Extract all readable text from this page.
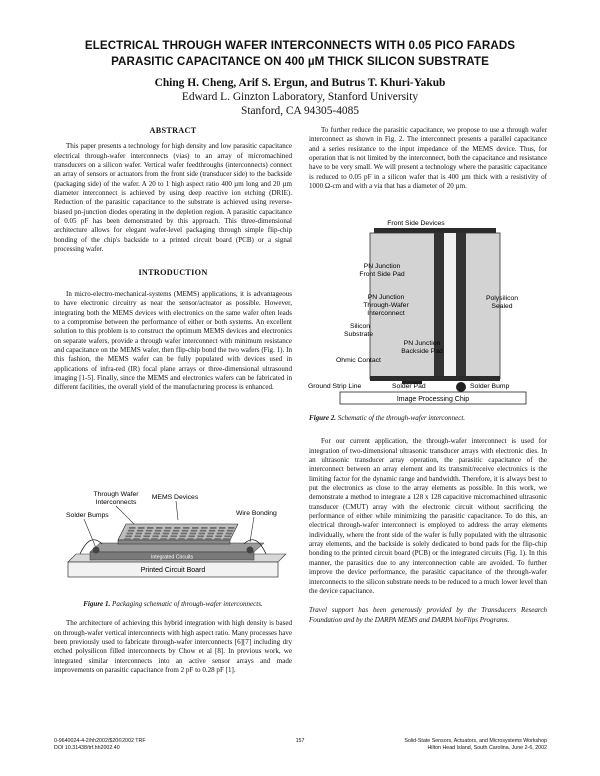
ELECTRICAL THROUGH WAFER INTERCONNECTS WITH 0.05 PICO FARADS
PARASITIC CAPACITANCE ON 400 µM THICK SILICON SUBSTRATE
Ching H. Cheng, Arif S. Ergun, and Butrus T. Khuri-Yakub
Edward L. Ginzton Laboratory, Stanford University
Stanford, CA 94305-4085
ABSTRACT

This paper presents a technology for high density and low parasitic capacitance electrical through-wafer interconnects (vias) to an array of micromachined transducers on a silicon wafer. Vertical wafer feedthroughs (interconnects) connect an array of sensors or actuators from the front side (transducer side) to the backside (packaging side) of the wafer. A 20 to 1 high aspect ratio 400 µm long and 20 µm diameter interconnect is achieved by using deep reactive ion etching (DRIE). Reduction of the parasitic capacitance to the substrate is achieved using reverse-biased pn-junction diodes operating in the depletion region. A parasitic capacitance of 0.05 pF has been demonstrated by this approach. This three-dimensional architecture allows for elegant wafer-level packaging through simple flip-chip bonding of the chip's backside to a printed circuit board (PCB) or a signal processing wafer.

INTRODUCTION

In micro-electro-mechanical-systems (MEMS) applications, it is advantageous to have electronic circuitry as near the sensor/actuator as possible. However, integrating both the MEMS devices with electronics on the same wafer often leads to a compromise between the performance of either or both systems. An excellent solution to this problem is to construct the optimum MEMS devices and electronics on separate wafers, provide a through wafer interconnect with minimum resistance and capacitance on the MEMS wafer, then flip-chip bond the two wafers (Fig. 1). In this fashion, the MEMS wafer can be fully populated with devices used in applications of infra-red (IR) focal plane arrays or three-dimensional ultrasound imaging [1-5]. Finally, since the MEMS and electronics wafers can be fabricated in different facilities, the overall yield of the manufacturing process is enhanced.

Through Wafer
Interconnects
MEMS Devices
Solder Bumps	Wire Bonding
Printed Circuit Board
Integrated Circuits
Figure 1. Packaging schematic of through-wafer interconnects.

The architecture of achieving this hybrid integration with high density is based on through-wafer vertical interconnects with high aspect ratio. Many processes have been previously used to fabricate through-wafer interconnects [6][7] including dry etched polysilicon filled interconnects by Chow et al [8]. In previous work, we integrated similar interconnects into an active sensor arrays and made improvements on parasitic capacitance from 2 pF to 0.28 pF [1].

To further reduce the parasitic capacitance, we propose to use a through wafer interconnect as shown in Fig. 2. The interconnect presents a parallel capacitance and a series resistance to the input impedance of the MEMS device. Thus, for operation that is not limited by the interconnect, both the capacitance and resistance have to be very small. We will present a technology where the parasitic capacitance is reduced to 0.05 pF in a silicon wafer that is 400 µm thick with a resistivity of 1000 Ω-cm and with a via that has a diameter of 20 µm.

Front Side Devices
Image Processing Chip
PN Junction
Front Side Pad
PN Junction
Through-Wafer
Interconnect
Polysilicon
Sealed
Silicon
Substrate
PN Junction
Backside Pad
Ohmic Contact
Ground Strip Line	Solder Pad	Solder Bump
Figure 2. Schematic of the through-wafer interconnect.

For our current application, the through-wafer interconnect is used for integration of two-dimensional ultrasonic transducer arrays with electronic dies. In an ultrasonic transducer array operation, the parasitic capacitance of the interconnect between an array element and its transmit/receive electronics is the limiting factor for the dynamic range and bandwidth. Therefore, it is always best to put the electronics as close to the array elements as possible. In this work, we demonstrate a method to integrate a 128 x 128 capacitive micromachined ultrasonic transducer (CMUT) array with the electronic circuit without sacrificing the performance of either while minimizing the parasitic capacitance. To do this, an electrical through-wafer interconnect is employed to address the array elements individually, where the front side of the wafer is fully populated with the ultrasonic array elements, and the backside is solely dedicated to bond pads for the flip-chip bonding to the printed circuit board (PCB) or the integrated circuits (Fig. 1). In this manner, the parasitics due to any interconnection cable are avoided. To further improve the device performance, the parasitic capacitance of the through-wafer interconnects to the silicon substrate needs to be reduced to a much lower level than the device capacitance.

Travel support has been generously provided by the Transducers Research Foundation and by the DARPA MEMS and DARPA bioFlips Programs.

0-9640024-4-2/hh2002/$20©2002 TRF
DOI 10.31438/trf.hh2002.40
157	Solid-State Sensors, Actuators, and Microsystems Workshop
Hilton Head Island, South Carolina, June 2-6, 2002
